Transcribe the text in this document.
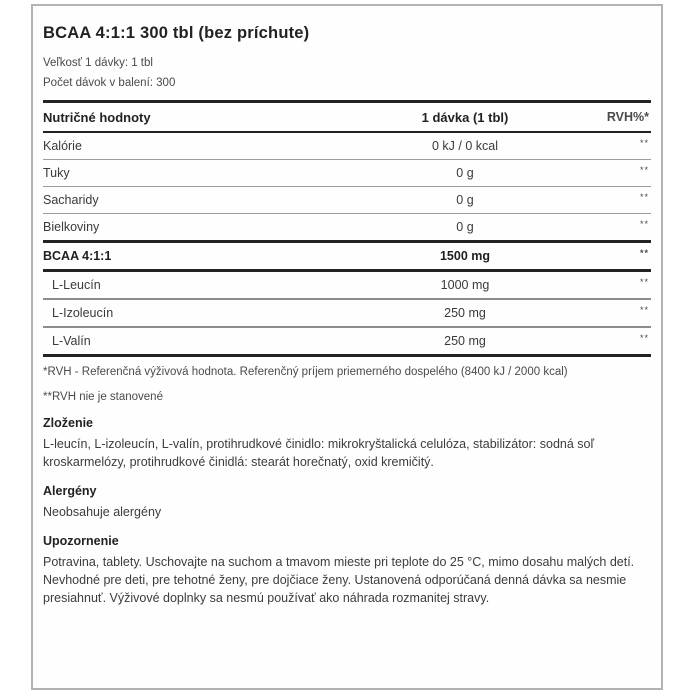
BCAA 4:1:1 300 tbl (bez príchute)
Veľkosť 1 dávky: 1 tbl
Počet dávok v balení: 300
Nutričné hodnoty	1 dávka (1 tbl)	RVH%*
Kalórie	0 kJ / 0 kcal	**
Tuky	0 g	**
Sacharidy	0 g	**
Bielkoviny	0 g	**
BCAA 4:1:1	1500 mg	**
L-Leucín	1000 mg	**
L-Izoleucín	250 mg	**
L-Valín	250 mg	**
*RVH - Referenčná výživová hodnota. Referenčný príjem priemerného dospelého (8400 kJ / 2000 kcal)
**RVH nie je stanovené
Zloženie
L-leucín, L-izoleucín, L-valín, protihrudkové činidlo: mikrokryštalická celulóza, stabilizátor: sodná soľ kroskarmelózy, protihrudkové činidlá: stearát horečnatý, oxid kremičitý.
Alergény
Neobsahuje alergény
Upozornenie
Potravina, tablety. Uschovajte na suchom a tmavom mieste pri teplote do 25 °C, mimo dosahu malých detí. Nevhodné pre deti, pre tehotné ženy, pre dojčiace ženy. Ustanovená odporúčaná denná dávka sa nesmie presiahnuť. Výživové doplnky sa nesmú používať ako náhrada rozmanitej stravy.
